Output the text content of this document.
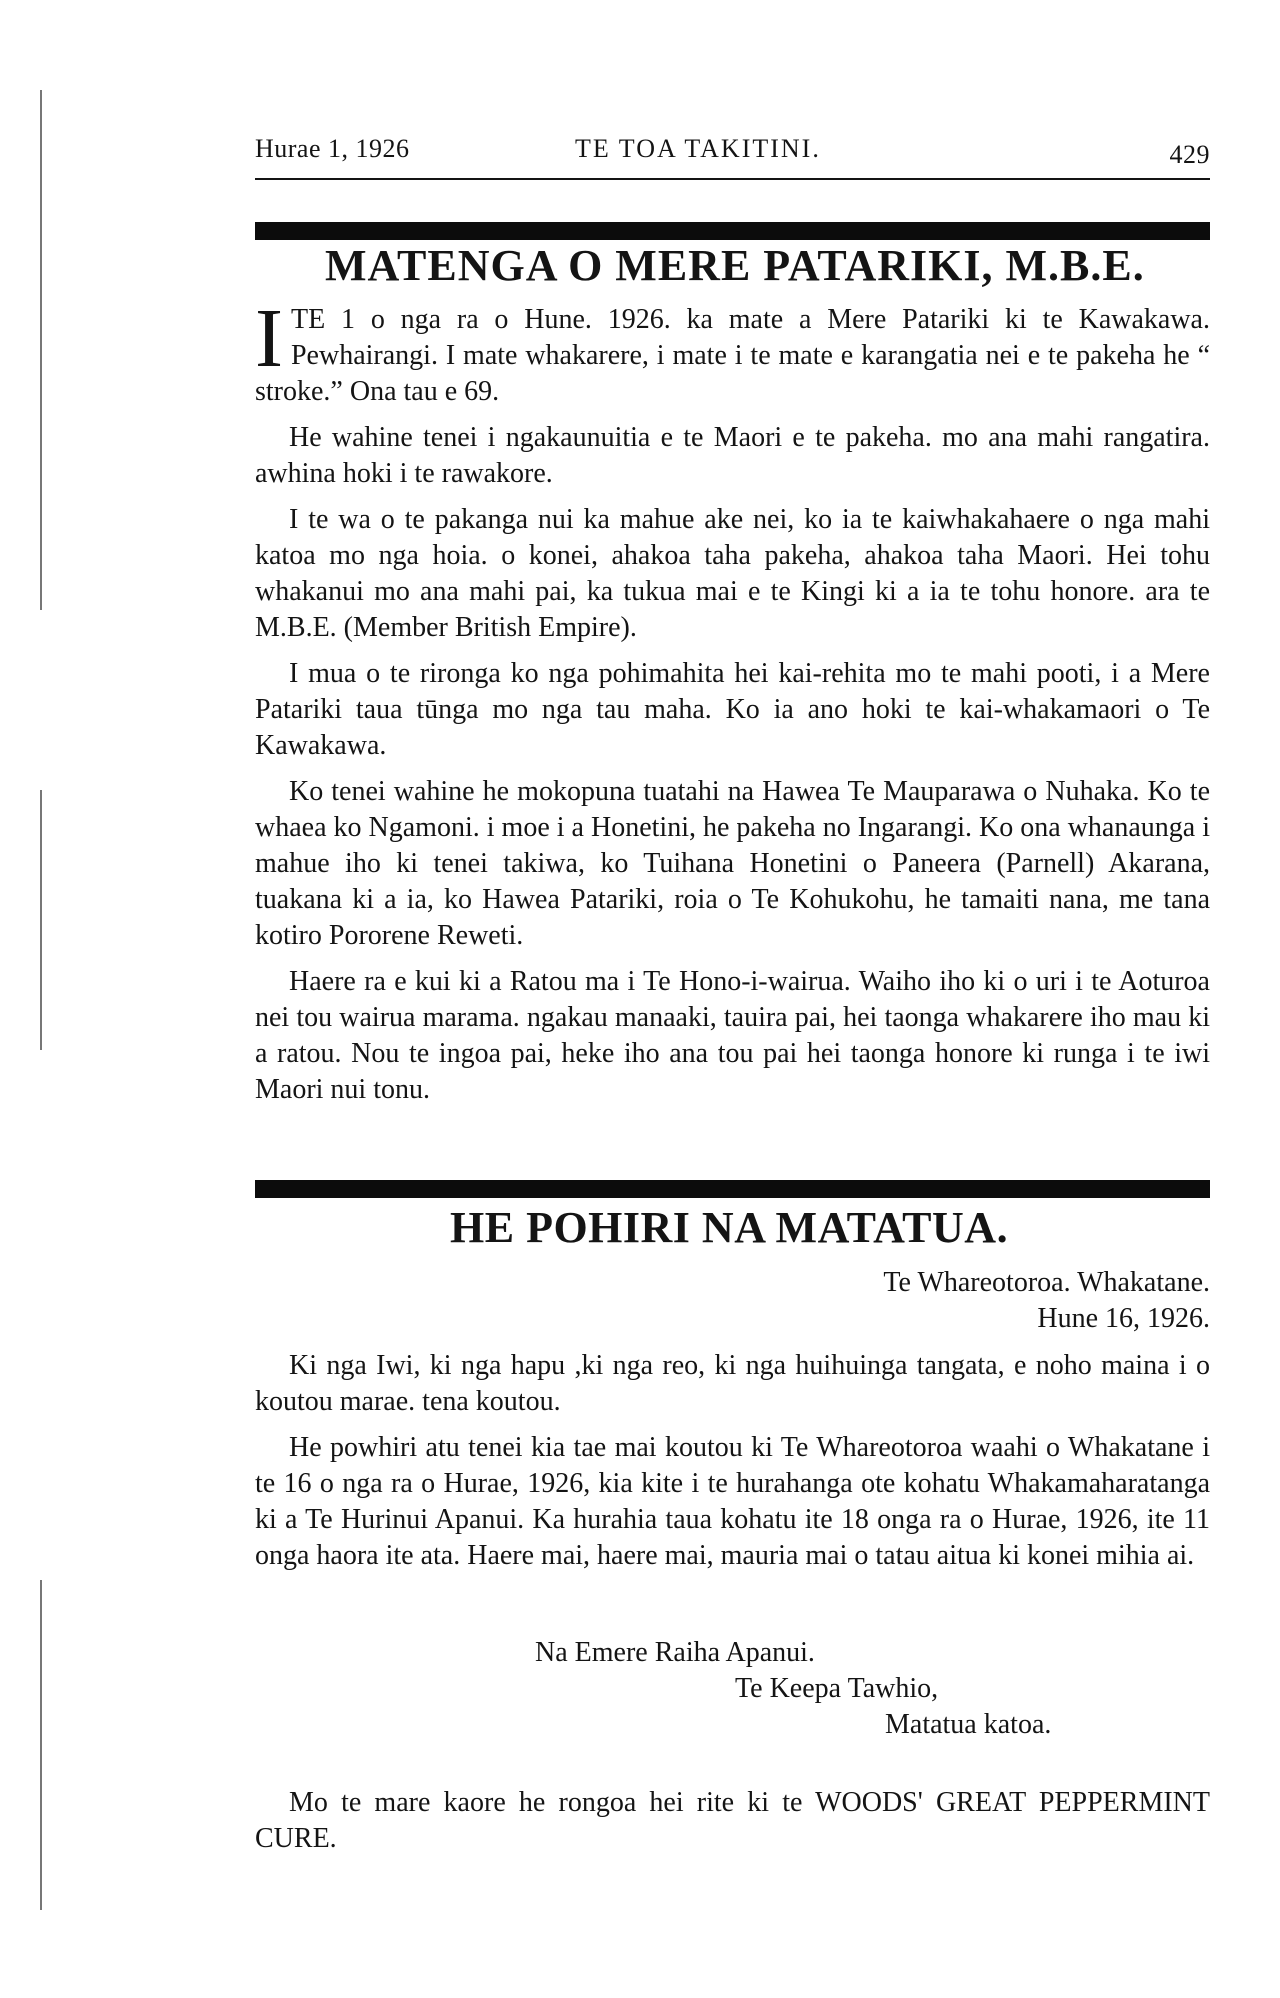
Hurae 1, 1926	TE TOA TAKITINI.	429
MATENGA O MERE PATARIKI, M.B.E.

ITE 1 o nga ra o Hune. 1926. ka mate a Mere Patariki ki te Kawakawa. Pewhairangi. I mate whakarere, i mate i te mate e karangatia nei e te pakeha he “ stroke.” Ona tau e 69.

He wahine tenei i ngakaunuitia e te Maori e te pakeha. mo ana mahi rangatira. awhina hoki i te rawakore.

I te wa o te pakanga nui ka mahue ake nei, ko ia te kaiwhakahaere o nga mahi katoa mo nga hoia. o konei, ahakoa taha pakeha, ahakoa taha Maori. Hei tohu whakanui mo ana mahi pai, ka tukua mai e te Kingi ki a ia te tohu honore. ara te M.B.E. (Member British Empire).

I mua o te rironga ko nga pohimahita hei kai-rehita mo te mahi pooti, i a Mere Patariki taua tūnga mo nga tau maha. Ko ia ano hoki te kai-whakamaori o Te Kawakawa.

Ko tenei wahine he mokopuna tuatahi na Hawea Te Mauparawa o Nuhaka. Ko te whaea ko Ngamoni. i moe i a Honetini, he pakeha no Ingarangi. Ko ona whanaunga i mahue iho ki tenei takiwa, ko Tuihana Honetini o Paneera (Parnell) Akarana, tuakana ki a ia, ko Hawea Patariki, roia o Te Kohukohu, he tamaiti nana, me tana kotiro Pororene Reweti.

Haere ra e kui ki a Ratou ma i Te Hono-i-wairua. Waiho iho ki o uri i te Aoturoa nei tou wairua marama. ngakau manaaki, tauira pai, hei taonga whakarere iho mau ki a ratou. Nou te ingoa pai, heke iho ana tou pai hei taonga honore ki runga i te iwi Maori nui tonu.

HE POHIRI NA MATATUA.
Te Whareotoroa. Whakatane.
Hune 16, 1926.

Ki nga Iwi, ki nga hapu ,ki nga reo, ki nga huihuinga tangata, e noho maina i o koutou marae. tena koutou.

He powhiri atu tenei kia tae mai koutou ki Te Whareotoroa waahi o Whakatane i te 16 o nga ra o Hurae, 1926, kia kite i te hurahanga ote kohatu Whakamaharatanga ki a Te Hurinui Apanui. Ka hurahia taua kohatu ite 18 onga ra o Hurae, 1926, ite 11 onga haora ite ata. Haere mai, haere mai, mauria mai o tatau aitua ki konei mihia ai.

Na Emere Raiha Apanui.
Te Keepa Tawhio,
Matatua katoa.

Mo te mare kaore he rongoa hei rite ki te WOODS' GREAT PEPPERMINT CURE.
